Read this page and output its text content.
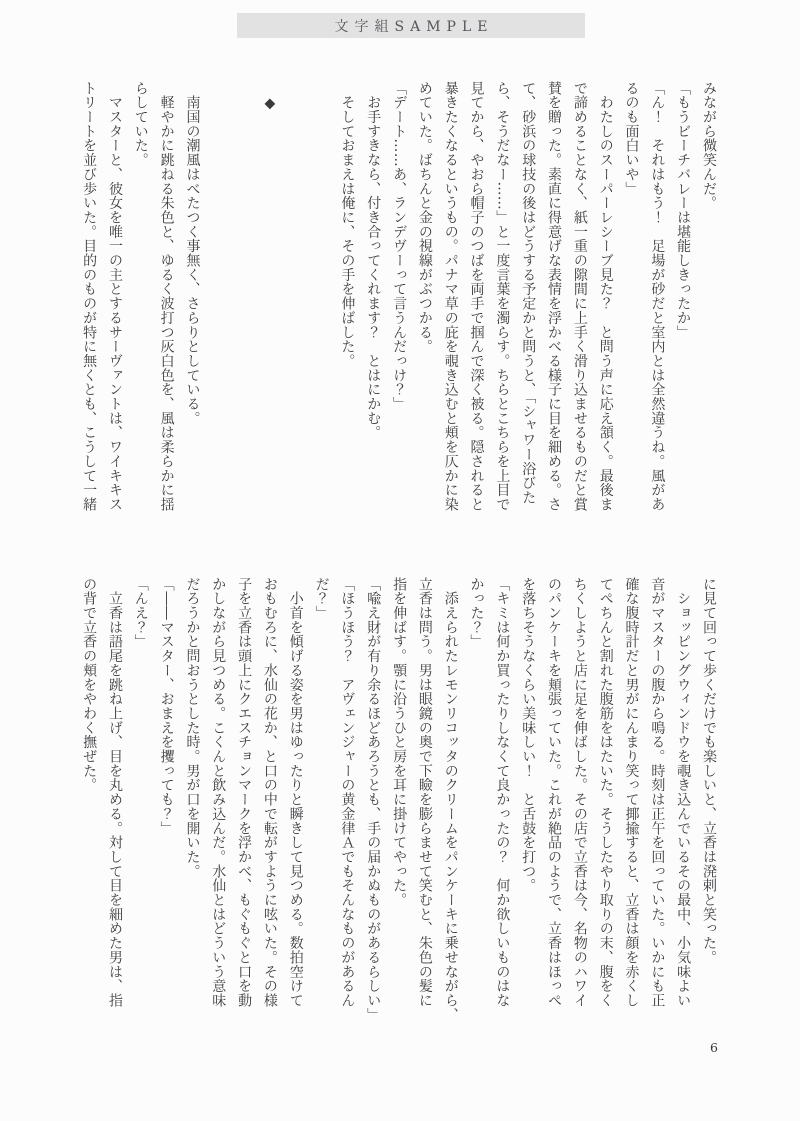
文字組SAMPLE
みながら微笑んだ。
「もうビーチバレーは堪能しきったか」
「ん！　それはもう！　足場が砂だと室内とは全然違うね。風があ
るのも面白いや」
　わたしのスーパーレシーブ見た？　と問う声に応え頷く。最後ま
で諦めることなく、紙一重の隙間に上手く滑り込ませるものだと賞
賛を贈った。素直に得意げな表情を浮かべる様子に目を細める。さ
て、砂浜の球技の後はどうする予定かと問うと、「シャワー浴びた
ら、そうだなー……」と一度言葉を濁らす。ちらとこちらを上目で
見てから、やおら帽子のつばを両手で掴んで深く被る。隠されると
暴きたくなるというもの。パナマ草の庇を覗き込むと頬を仄かに染
めていた。ばちんと金の視線がぶつかる。
「デート……あ、ランデヴーって言うんだっけ？」
　お手すきなら、付き合ってくれます？　とはにかむ。
　そしておまえは俺に、その手を伸ばした。
　◆
　南国の潮風はべたつく事無く、さらりとしている。
　軽やかに跳ねる朱色と、ゆるく波打つ灰白色を、風は柔らかに揺
らしていた。
　マスターと、彼女を唯一の主とするサーヴァントは、ワイキキス
トリートを並び歩いた。目的のものが特に無くとも、こうして一緒
に見て回って歩くだけでも楽しいと、立香は溌剌と笑った。
　ショッピングウィンドウを覗き込んでいるその最中、小気味よい
音がマスターの腹から鳴る。時刻は正午を回っていた。いかにも正
確な腹時計だと男がにんまり笑って揶揄すると、立香は顔を赤くし
てぺちんと割れた腹筋をはたいた。そうしたやり取りの末、腹をく
ちくしようと店に足を伸ばした。その店で立香は今、名物のハワイ
のパンケーキを頬張っていた。これが絶品のようで、立香はほっぺ
を落ちそうなくらい美味しい！　と舌鼓を打つ。
「キミは何か買ったりしなくて良かったの？　何か欲しいものはな
かった？」
　添えられたレモンリコッタのクリームをパンケーキに乗せながら、
立香は問う。男は眼鏡の奥で下瞼を膨らませて笑むと、朱色の髪に
指を伸ばす。顎に沿うひと房を耳に掛けてやった。
「喩え財が有り余るほどあろうとも、手の届かぬものがあるらしい」
「ほうほう？　アヴェンジャーの黄金律Ａでもそんなものがあるん
だ？」
　小首を傾げる姿を男はゆったりと瞬きして見つめる。数拍空けて
おもむろに、水仙の花か、と口の中で転がすように呟いた。その様
子を立香は頭上にクエスチョンマークを浮かべ、もぐもぐと口を動
かしながら見つめる。こくんと飲み込んだ。水仙とはどういう意味
だろうかと問おうとした時。男が口を開いた。
「――マスター、おまえを攫っても？」
「んえ？」
　立香は語尾を跳ね上げ、目を丸める。対して目を細めた男は、指
の背で立香の頬をやわく撫ぜた。
6
